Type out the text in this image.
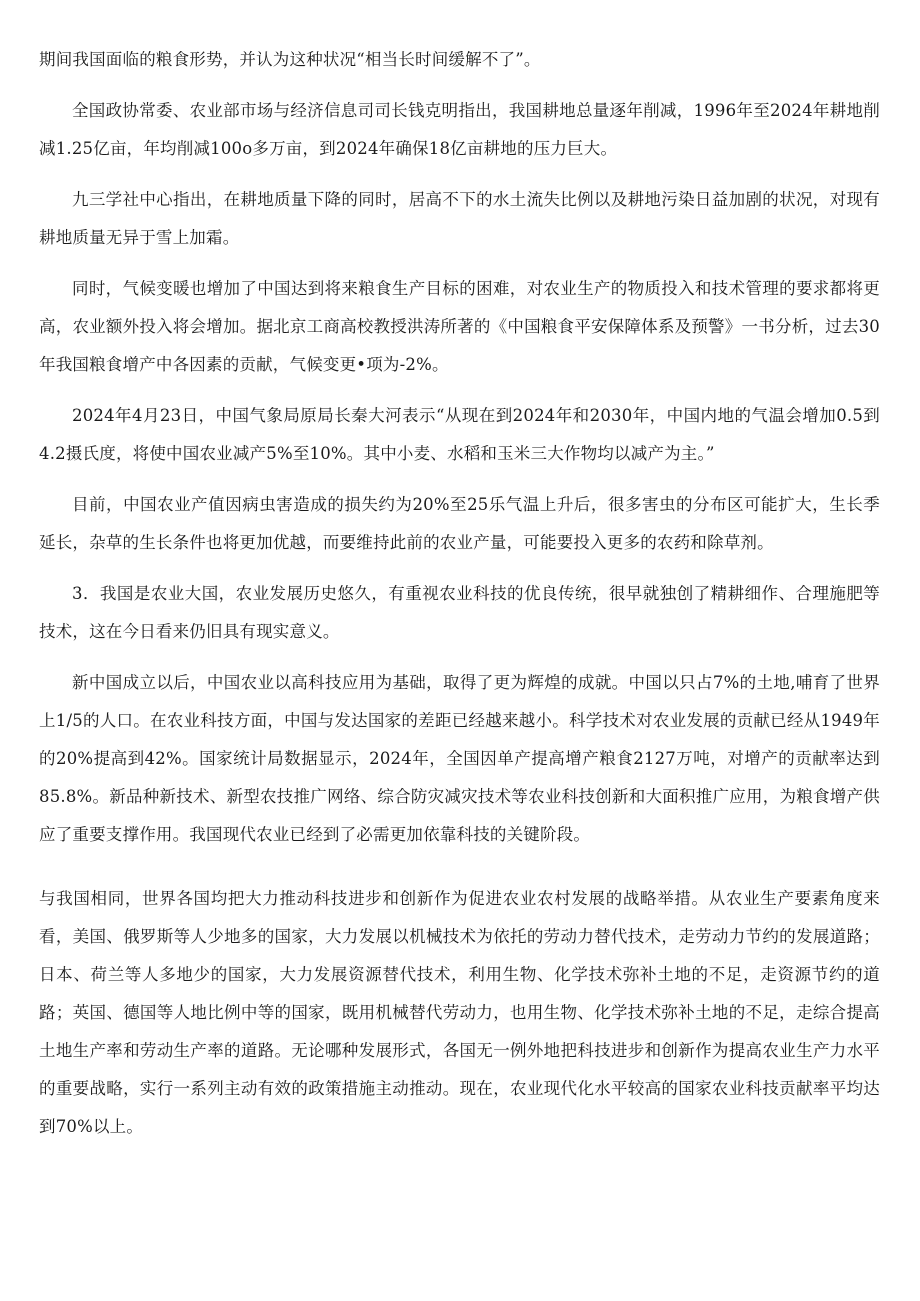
期间我国面临的粮食形势，并认为这种状况“相当长时间缓解不了”。

全国政协常委、农业部市场与经济信息司司长钱克明指出，我国耕地总量逐年削减，1996年至2024年耕地削减1.25亿亩，年均削减100o多万亩，到2024年确保18亿亩耕地的压力巨大。

九三学社中心指出，在耕地质量下降的同时，居高不下的水土流失比例以及耕地污染日益加剧的状况，对现有耕地质量无异于雪上加霜。

同时，气候变暖也增加了中国达到将来粮食生产目标的困难，对农业生产的物质投入和技术管理的要求都将更高，农业额外投入将会增加。据北京工商高校教授洪涛所著的《中国粮食平安保障体系及预警》一书分析，过去30年我国粮食增产中各因素的贡献，气候变更•项为-2%。

2024年4月23日，中国气象局原局长秦大河表示“从现在到2024年和2030年，中国内地的气温会增加0.5到4.2摄氏度，将使中国农业减产5%至10%。其中小麦、水稻和玉米三大作物均以减产为主。”

目前，中国农业产值因病虫害造成的损失约为20%至25乐气温上升后，很多害虫的分布区可能扩大，生长季延长，杂草的生长条件也将更加优越，而要维持此前的农业产量，可能要投入更多的农药和除草剂。

3．我国是农业大国，农业发展历史悠久，有重视农业科技的优良传统，很早就独创了精耕细作、合理施肥等技术，这在今日看来仍旧具有现实意义。

新中国成立以后，中国农业以高科技应用为基础，取得了更为辉煌的成就。中国以只占7%的土地,哺育了世界上1/5的人口。在农业科技方面，中国与发达国家的差距已经越来越小。科学技术对农业发展的贡献已经从1949年的20%提高到42%。国家统计局数据显示，2024年，全国因单产提高增产粮食2127万吨，对增产的贡献率达到85.8%。新品种新技术、新型农技推广网络、综合防灾减灾技术等农业科技创新和大面积推广应用，为粮食增产供应了重要支撑作用。我国现代农业已经到了必需更加依靠科技的关键阶段。

与我国相同，世界各国均把大力推动科技进步和创新作为促进农业农村发展的战略举措。从农业生产要素角度来看，美国、俄罗斯等人少地多的国家，大力发展以机械技术为依托的劳动力替代技术，走劳动力节约的发展道路；日本、荷兰等人多地少的国家，大力发展资源替代技术，利用生物、化学技术弥补土地的不足，走资源节约的道路；英国、德国等人地比例中等的国家，既用机械替代劳动力，也用生物、化学技术弥补土地的不足，走综合提高土地生产率和劳动生产率的道路。无论哪种发展形式，各国无一例外地把科技进步和创新作为提高农业生产力水平的重要战略，实行一系列主动有效的政策措施主动推动。现在，农业现代化水平较高的国家农业科技贡献率平均达到70%以上。
